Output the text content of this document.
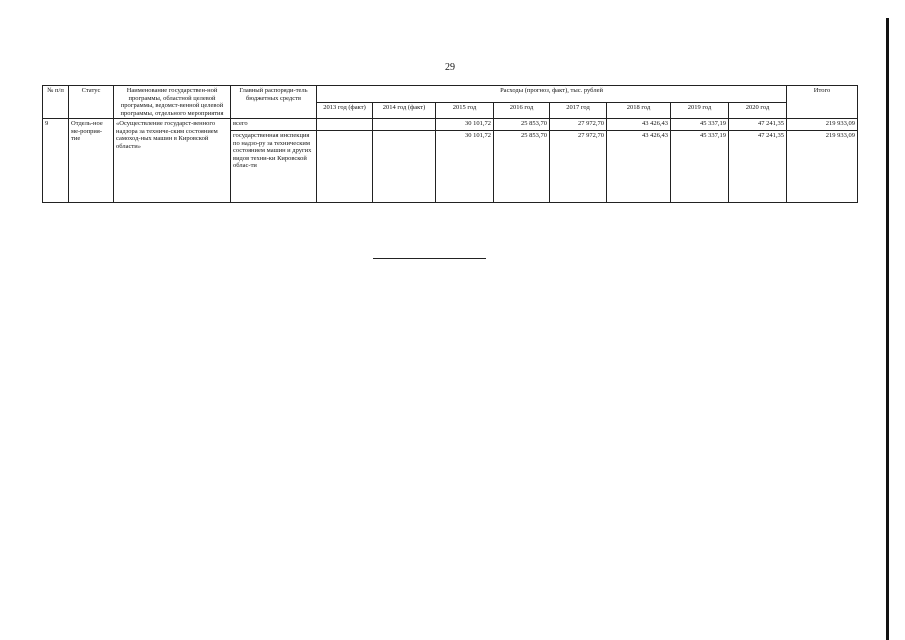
29
№ п/п	Статус	Наименование государствен-ной программы, областной целевой программы, ведомст-венной целевой программы, отдельного мероприятия	Главный распоряди-тель бюджетных средств	Расходы (прогноз, факт), тыс. рублей								Итого
				2013 год (факт)	2014 год (факт)	2015 год	2016 год	2017 год	2018 год	2019 год	2020 год	
9	Отдель-ное ме-роприя-тие	«Осуществление государст-венного надзора за техниче-ским состоянием самоход-ных машин в Кировской области»	всего			30 101,72	25 853,70	27 972,70	43 426,43	45 337,19	47 241,35	219 933,09
			государственная инспекция по надзо-ру за техническим состоянием машин и других видов техни-ки Кировской облас-ти			30 101,72	25 853,70	27 972,70	43 426,43	45 337,19	47 241,35	219 933,09
